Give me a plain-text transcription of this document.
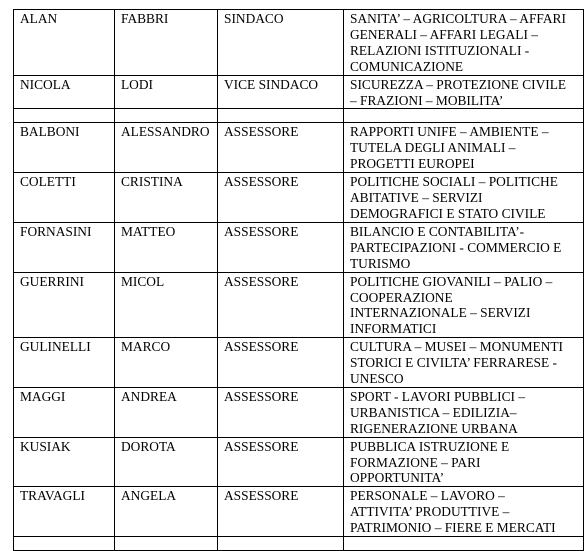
ALAN	FABBRI	SINDACO	SANITA’ – AGRICOLTURA – AFFARI
GENERALI – AFFARI LEGALI –
RELAZIONI ISTITUZIONALI -
COMUNICAZIONE
NICOLA	LODI	VICE SINDACO	SICUREZZA – PROTEZIONE CIVILE
– FRAZIONI – MOBILITA’

BALBONI	ALESSANDRO	ASSESSORE	RAPPORTI UNIFE – AMBIENTE –
TUTELA DEGLI ANIMALI –
PROGETTI EUROPEI
COLETTI	CRISTINA	ASSESSORE	POLITICHE SOCIALI – POLITICHE
ABITATIVE – SERVIZI
DEMOGRAFICI E STATO CIVILE
FORNASINI	MATTEO	ASSESSORE	BILANCIO E CONTABILITA’-
PARTECIPAZIONI - COMMERCIO E
TURISMO
GUERRINI	MICOL	ASSESSORE	POLITICHE GIOVANILI – PALIO –
COOPERAZIONE
INTERNAZIONALE – SERVIZI
INFORMATICI
GULINELLI	MARCO	ASSESSORE	CULTURA – MUSEI – MONUMENTI
STORICI E CIVILTA’ FERRARESE -
UNESCO
MAGGI	ANDREA	ASSESSORE	SPORT - LAVORI PUBBLICI –
URBANISTICA – EDILIZIA–
RIGENERAZIONE URBANA
KUSIAK	DOROTA	ASSESSORE	PUBBLICA ISTRUZIONE E
FORMAZIONE – PARI
OPPORTUNITA’
TRAVAGLI	ANGELA	ASSESSORE	PERSONALE – LAVORO –
ATTIVITA’ PRODUTTIVE –
PATRIMONIO – FIERE E MERCATI
